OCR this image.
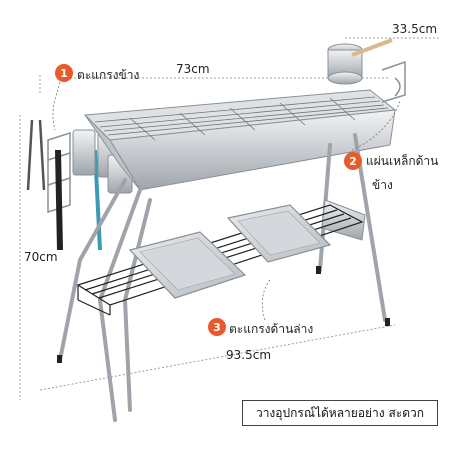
73cm
33.5cm
70cm
93.5cm
1 ตะแกรงข้าง
2 แผ่นเหล็กด้าน
ข้าง
3 ตะแกรงด้านล่าง
วางอุปกรณ์ได้หลายอย่าง สะดวก
